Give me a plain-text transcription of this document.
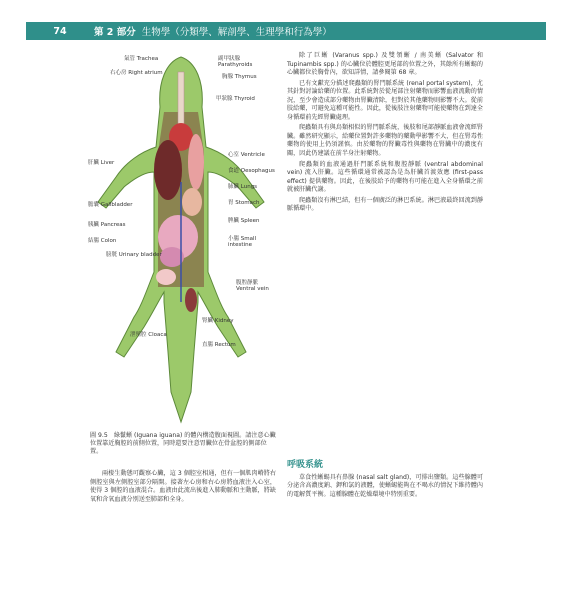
74	第 2 部分 生物學（分類學、解剖學、生理學和行為學）
氣管 Trachea
右心房 Right atrium
肝臟 Liver
膽囊 Gallbladder
胰臟 Pancreas
結腸 Colon
膀胱 Urinary bladder
泄殖腔 Cloaca
副甲狀腺 Parathyroids
胸腺 Thymus
甲狀腺 Thyroid
心室 Ventricle
食道 Oesophagus
肺臟 Lungs
胃 Stomach
脾臟 Spleen
小腸 Small intestine
腹腔靜脈 Ventral vein
腎臟 Kidney
直腸 Rectum
圖 9.5　綠鬣蜥 (Iguana iguana) 的體內構造腹面視圖。請注意心臟位置靠近胸腔的前側位置，同時還要注意胃臟位在骨盆腔的側部位置。

兩棲生動態可觀察心臟，這 3 個腔室相通，但有一個肌肉嵴將右側腔室與左側腔室部分隔開。接著左心房和右心房將血液注入心室，使得 3 個腔的血液混合。血液由此流出後進入肺動脈和主動脈，將缺氧和含氧血液分別送至肺部和全身。

除了巨蜥 (Varanus spp.) 及雙領蜥 / 南美蜥 (Salvator 和 Tupinambis spp.) 的心臟位於體腔更尾部的位置之外，其餘所有蜥蜴的心臟都位於胸骨內，欲知詳情，請參閱第 68 章。

已有文獻充分描述爬蟲類的腎門脈系統 (renal portal system)，尤其針對討論給藥的位置。此系統對於從尾部注射藥物而影響血液流動的情況，至少會造成部分藥物由腎臟清除，但對於其他藥物則影響不大。從前肢給藥，可避免這種可能性。因此，從後肢注射藥物可能使藥物在到達全身循環前先經腎臟處理。

爬蟲類具有與鳥類相似的腎門脈系統，後肢和尾部靜脈血液會流經腎臟。雖然研究顯示，給藥位置對許多藥物的藥動學影響不大，但在腎毒性藥物的使用上仍須謹慎。由於藥物的腎臟毒性與藥物在腎臟中的濃度有關，因此仍建議在前半身注射藥物。

爬蟲類的血液通過肝門脈系統和腹腔靜脈 (ventral abdominal vein) 流入肝臟。這些循環通常被認為是為肝臟首渡效應 (first-pass effect) 提供藥物。因此，在後肢給予的藥物有可能在進入全身循環之前就被肝臟代謝。

爬蟲類沒有淋巴結，但有一個廣泛的淋巴系統。淋巴液最終回流到靜脈循環中。

呼吸系統

草食性蜥蜴具有鼻腺 (nasal salt gland)，可排出鹽類。這些腺體可分泌含高濃度鈉、鉀和氯的液體，使蜥蜴能夠在不喝水的情況下維持體內的電解質平衡。這種腺體在乾燥環境中特別重要。
